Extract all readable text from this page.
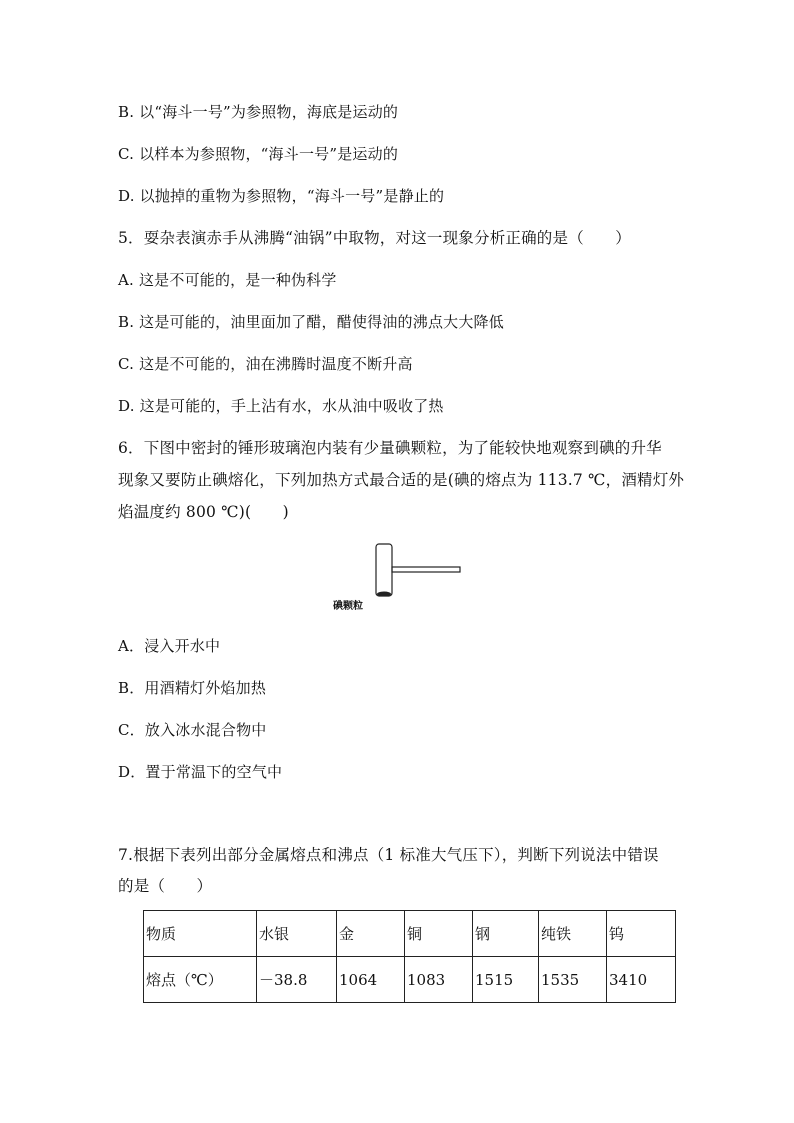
B. 以“海斗一号”为参照物，海底是运动的
C. 以样本为参照物，“海斗一号”是运动的
D. 以抛掉的重物为参照物，“海斗一号”是静止的
5．耍杂表演赤手从沸腾“油锅”中取物，对这一现象分析正确的是（　　）
A. 这是不可能的，是一种伪科学
B. 这是可能的，油里面加了醋，醋使得油的沸点大大降低
C. 这是不可能的，油在沸腾时温度不断升高
D. 这是可能的，手上沾有水，水从油中吸收了热
6．下图中密封的锤形玻璃泡内装有少量碘颗粒，为了能较快地观察到碘的升华
现象又要防止碘熔化，下列加热方式最合适的是(碘的熔点为 113.7 ℃，酒精灯外
焰温度约 800 ℃)(　　)
碘颗粒
A．浸入开水中
B．用酒精灯外焰加热
C．放入冰水混合物中
D．置于常温下的空气中
7.根据下表列出部分金属熔点和沸点（1 标准大气压下），判断下列说法中错误
的是（　　）
物质	水银	金	铜	钢	纯铁	钨
熔点（℃）	－38.8	1064	1083	1515	1535	3410
